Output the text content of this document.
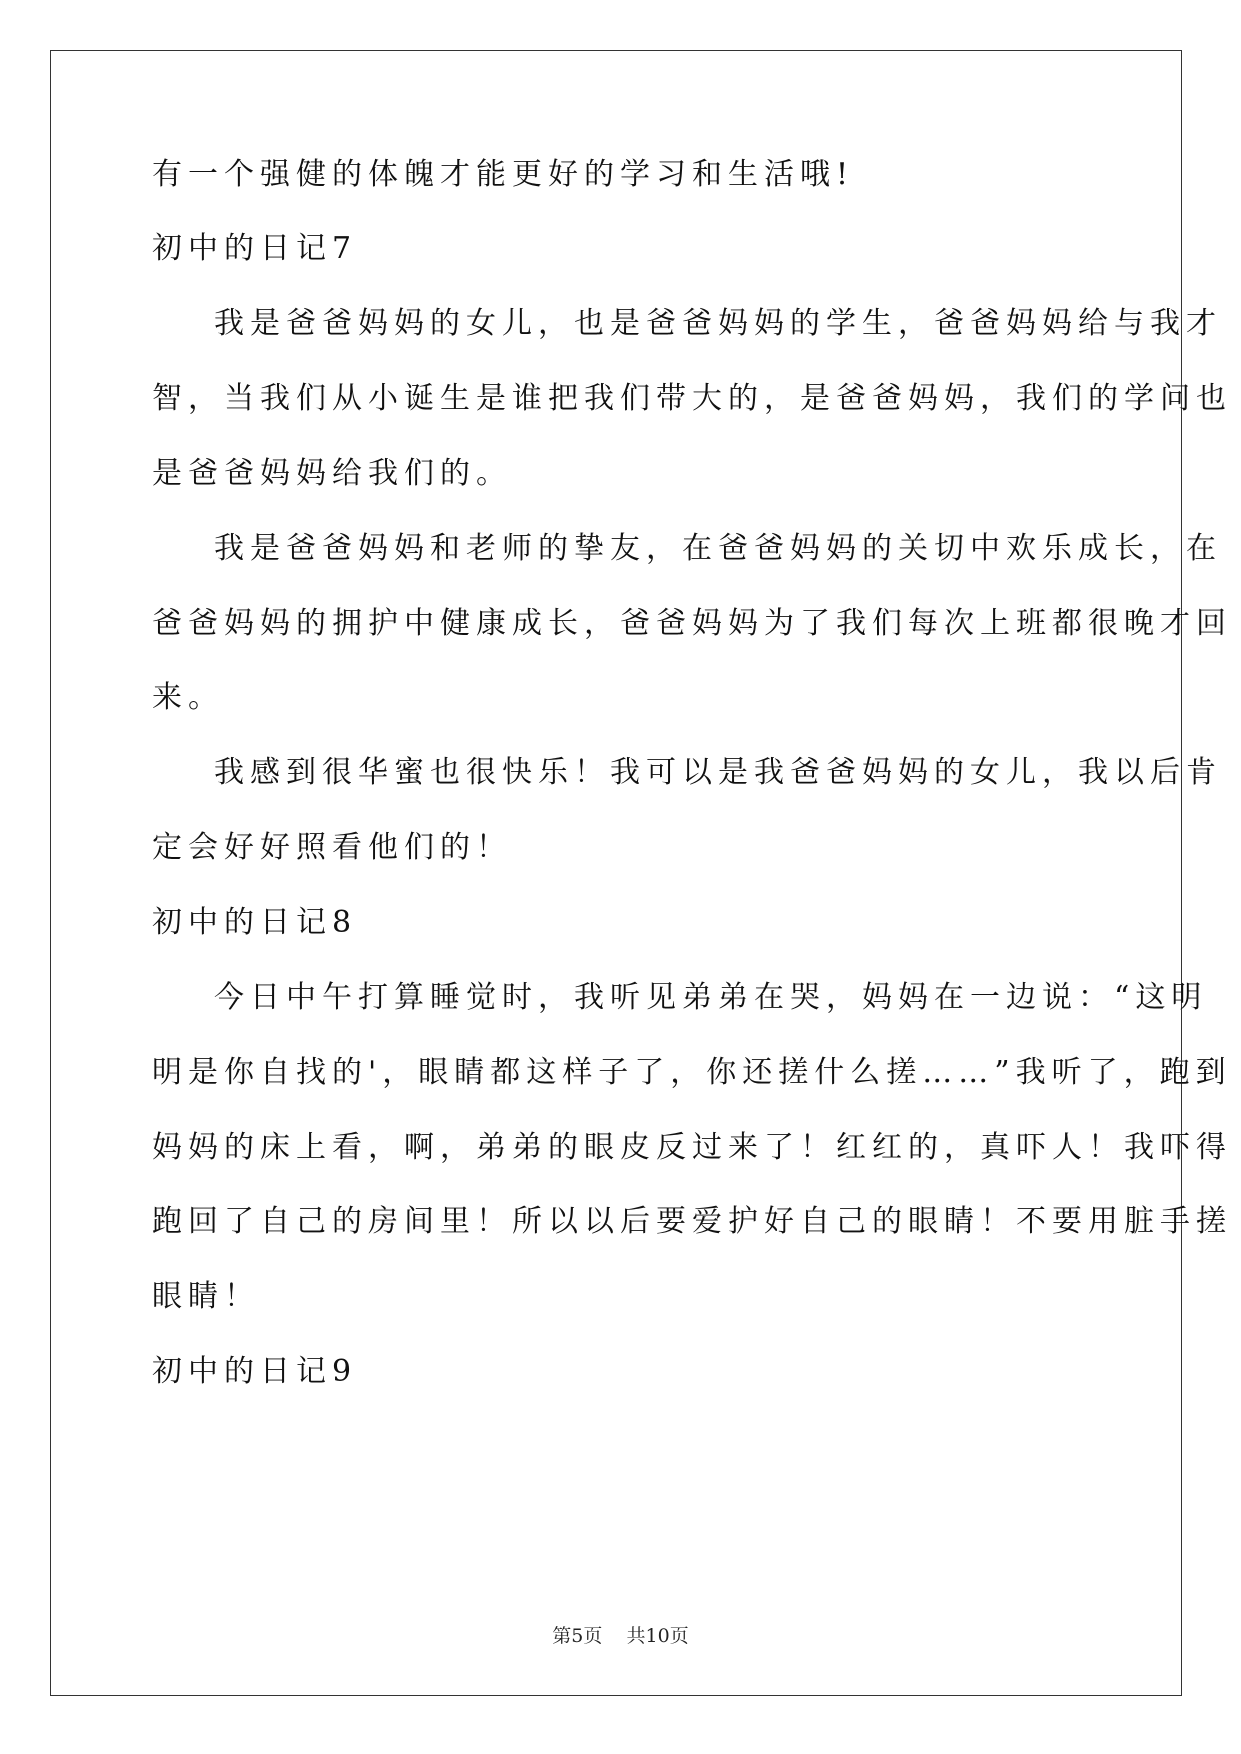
有一个强健的体魄才能更好的学习和生活哦!
初中的日记7
我是爸爸妈妈的女儿，也是爸爸妈妈的学生，爸爸妈妈给与我才
智，当我们从小诞生是谁把我们带大的，是爸爸妈妈，我们的学问也
是爸爸妈妈给我们的。
我是爸爸妈妈和老师的挚友，在爸爸妈妈的关切中欢乐成长，在
爸爸妈妈的拥护中健康成长，爸爸妈妈为了我们每次上班都很晚才回
来。
我感到很华蜜也很快乐！我可以是我爸爸妈妈的女儿，我以后肯
定会好好照看他们的！
初中的日记8
今日中午打算睡觉时，我听见弟弟在哭，妈妈在一边说：“这明
明是你自找的'，眼睛都这样子了，你还搓什么搓……”我听了，跑到
妈妈的床上看，啊，弟弟的眼皮反过来了！红红的，真吓人！我吓得
跑回了自己的房间里！所以以后要爱护好自己的眼睛！不要用脏手搓
眼睛！
初中的日记9
第5页 共10页
